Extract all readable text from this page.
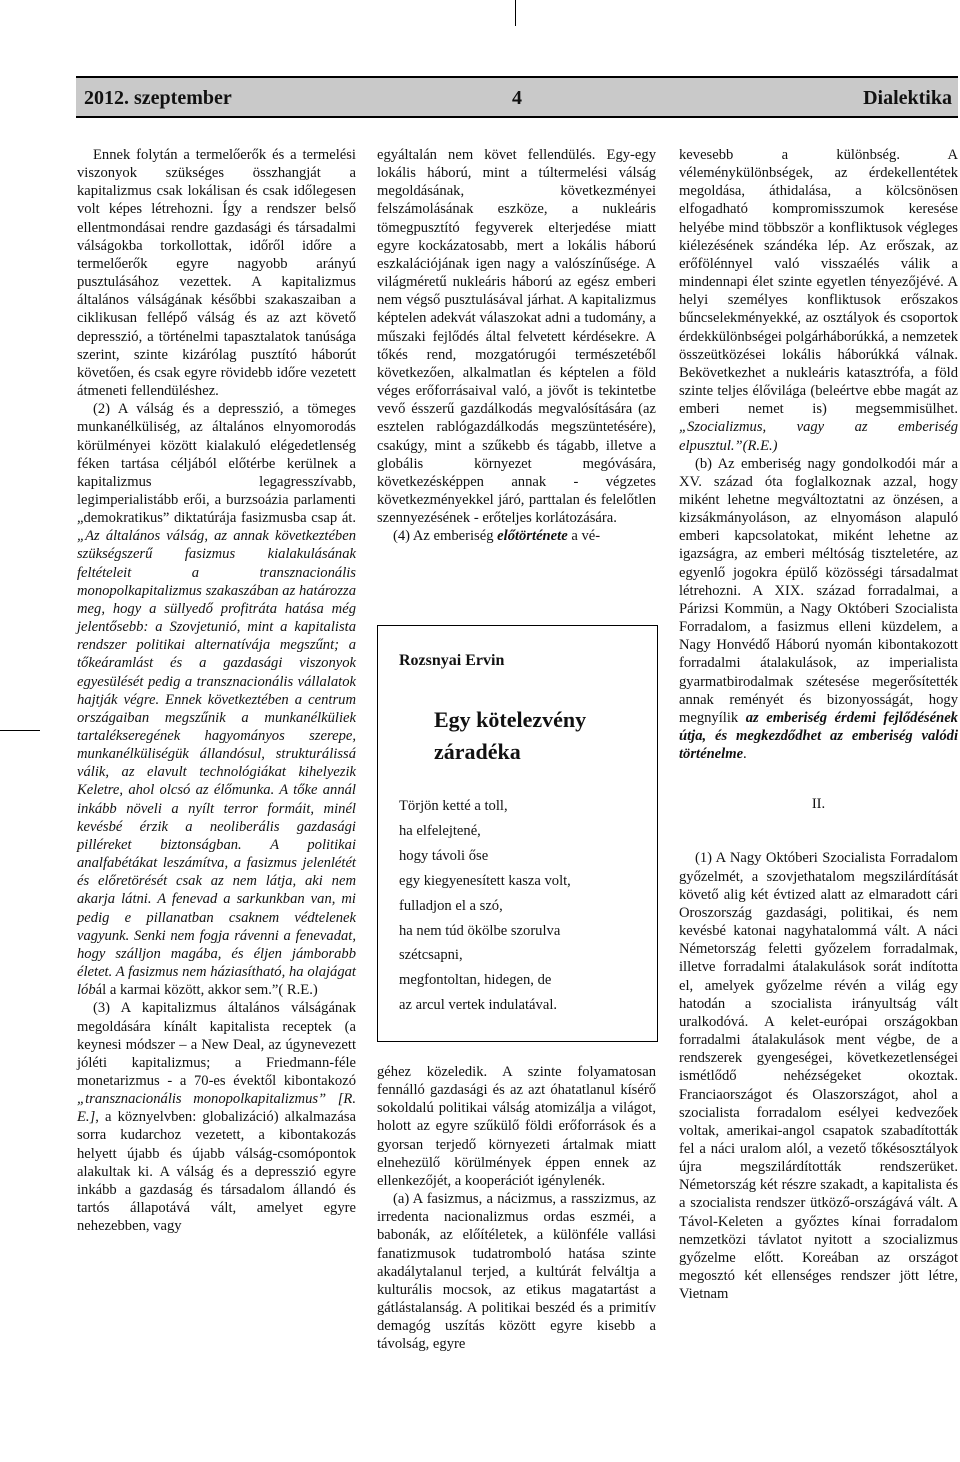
2012. szeptember	4	Dialektika

Ennek folytán a termelőerők és a termelési viszonyok szükséges összhangját a kapitalizmus csak lokálisan és csak időlegesen volt képes létrehozni. Így a rendszer belső ellentmondásai rendre gazdasági és társadalmi válságokba torkollottak, időről időre a termelőerők egyre nagyobb arányú pusztulásához vezettek. A kapitalizmus általános válságának későbbi szakaszaiban a ciklikusan fellépő válság és az azt követő depresszió, a történelmi tapasztalatok tanúsága szerint, szinte kizárólag pusztító háborút követően, és csak egyre rövidebb időre vezetett átmeneti fellendüléshez.

(2) A válság és a depresszió, a tömeges munkanélküliség, az általános elnyomorodás körülményei között kialakuló elégedetlenség féken tartása céljából előtérbe kerülnek a kapitalizmus legagresszívabb, legimperialistább erői, a burzsoázia parlamenti „demokratikus” diktatúrája fasizmusba csap át. „Az általános válság, az annak következtében szükségszerű fasizmus kialakulásának feltételeit a transznacionális monopolkapitalizmus szakaszában az határozza meg, hogy a süllyedő profitráta hatása még jelentősebb: a Szovjetunió, mint a kapitalista rendszer politikai alternatívája megszűnt; a tőkeáramlást és a gazdasági viszonyok egyesülését pedig a transznacionális vállalatok hajtják végre. Ennek következtében a centrum országaiban megszűnik a munkanélküliek tartalékseregének hagyományos szerepe, munkanélküliségük állandósul, strukturálissá válik, az elavult technológiákat kihelyezik Keletre, ahol olcsó az élőmunka. A tőke annál inkább növeli a nyílt terror formáit, minél kevésbé érzik a neoliberális gazdasági pilléreket biztonságban. A politikai analfabétákat leszámítva, a fasizmus jelenlétét és előretörését csak az nem látja, aki nem akarja látni. A fenevad a sarkunkban van, mi pedig e pillanatban csaknem védtelenek vagyunk. Senki nem fogja rávenni a fenevadat, hogy szálljon magába, és éljen jámborabb életet. A fasizmus nem háziasítható, ha olajágat lóbál a karmai között, akkor sem.”( R.E.)

(3) A kapitalizmus általános válságának megoldására kínált kapitalista receptek (a keynesi módszer – a New Deal, az úgynevezett jóléti kapitalizmus; a Friedmann-féle monetarizmus - a 70-es évektől kibontakozó „transznacionális monopolkapitalizmus” [R. E.], a köznyelvben: globalizáció) alkalmazása sorra kudarchoz vezetett, a kibontakozás helyett újabb és újabb válság-csomópontok alakultak ki. A válság és a depresszió egyre inkább a gazdaság és társadalom állandó és tartós állapotává vált, amelyet egyre nehezebben, vagy

egyáltalán nem követ fellendülés. Egy-egy lokális háború, mint a túltermelési válság megoldásának, következményei felszámolásának eszköze, a nukleáris tömegpusztító fegyverek elterjedése miatt egyre kockázatosabb, mert a lokális háború eszkalációjának igen nagy a valószínűsége. A világméretű nukleáris háború az egész emberi nem végső pusztulásával járhat. A kapitalizmus képtelen adekvát válaszokat adni a tudomány, a műszaki fejlődés által felvetett kérdésekre. A tőkés rend, mozgatórugói természetéből következően, alkalmatlan és képtelen a föld véges erőforrásaival való, a jövőt is tekintetbe vevő ésszerű gazdálkodás megvalósítására (az esztelen rablógazdálkodás megszüntetésére), csakúgy, mint a szűkebb és tágabb, illetve a globális környezet megóvására, következésképpen annak - végzetes következményekkel járó, parttalan és felelőtlen szennyezésének - erőteljes korlátozására.

(4) Az emberiség előtörténete a vé-

Rozsnyai Ervin
Egy kötelezvény
záradéka
Törjön ketté a toll,
ha elfelejtené,
hogy távoli őse
egy kiegyenesített kasza volt,
fulladjon el a szó,
ha nem túd ökölbe szorulva
szétcsapni,
megfontoltan, hidegen, de
az arcul vertek indulatával.

géhez közeledik. A szinte folyamatosan fennálló gazdasági és az azt óhatatlanul kísérő sokoldalú politikai válság atomizálja a világot, holott az egyre szűkülő földi erőforrások és a gyorsan terjedő környezeti ártalmak miatt elnehezülő körülmények éppen ennek az ellenkezőjét, a kooperációt igénylenék.

(a) A fasizmus, a nácizmus, a rasszizmus, az irredenta nacionalizmus ordas eszméi, a babonák, az előítéletek, a különféle vallási fanatizmusok tudatromboló hatása szinte akadálytalanul terjed, a kultúrát felváltja a kulturális mocsok, az etikus magatartást a gátlástalanság. A politikai beszéd és a primitív demagóg uszítás között egyre kisebb a távolság, egyre

kevesebb a különbség. A véleménykülönbségek, az érdekellentétek megoldása, áthidalása, a kölcsönösen elfogadható kompromisszumok keresése helyébe mind többször a konfliktusok végleges kiélezésének szándéka lép. Az erőszak, az erőfölénnyel való visszaélés válik a mindennapi élet szinte egyetlen tényezőjévé. A helyi személyes konfliktusok erőszakos bűncselekményekké, az osztályok és csoportok érdekkülönbségei polgárháborúkká, a nemzetek összeütközései lokális háborúkká válnak. Bekövetkezhet a nukleáris katasztrófa, a föld szinte teljes élővilága (beleértve ebbe magát az emberi nemet is) megsemmisülhet. „Szocializmus, vagy az emberiség elpusztul.”(R.E.)

(b) Az emberiség nagy gondolkodói már a XV. század óta foglalkoznak azzal, hogy miként lehetne megváltoztatni az önzésen, a kizsákmányoláson, az elnyomáson alapuló emberi kapcsolatokat, miként lehetne az igazságra, az emberi méltóság tiszteletére, az egyenlő jogokra épülő közösségi társadalmat létrehozni. A XIX. század forradalmai, a Párizsi Kommün, a Nagy Októberi Szocialista Forradalom, a fasizmus elleni küzdelem, a Nagy Honvédő Háború nyomán kibontakozott forradalmi átalakulások, az imperialista gyarmatbirodalmak szétesése megerősítették annak reményét és bizonyosságát, hogy megnyílik az emberiség érdemi fejlődésének útja, és megkezdődhet az emberiség valódi történelme.

II.

(1) A Nagy Októberi Szocialista Forradalom győzelmét, a szovjethatalom megszilárdítását követő alig két évtized alatt az elmaradott cári Oroszország gazdasági, politikai, és nem kevésbé katonai nagyhatalommá vált. A náci Németország feletti győzelem forradalmak, illetve forradalmi átalakulások sorát indította el, amelyek győzelme révén a világ egy hatodán a szocialista irányultság vált uralkodóvá. A kelet-európai országokban forradalmi átalakulások ment végbe, de a rendszerek gyengeségei, következetlenségei ismétlődő nehézségeket okoztak. Franciaországot és Olaszországot, ahol a szocialista forradalom esélyei kedvezőek voltak, amerikai-angol csapatok szabadították fel a náci uralom alól, a vezető tőkésosztályok újra megszilárdították rendszerüket. Németország két részre szakadt, a kapitalista és a szocialista rendszer ütköző-országává vált. A Távol-Keleten a győztes kínai forradalom nemzetközi távlatot nyitott a szocializmus győzelme előtt. Koreában az országot megosztó két ellenséges rendszer jött létre, Vietnam
